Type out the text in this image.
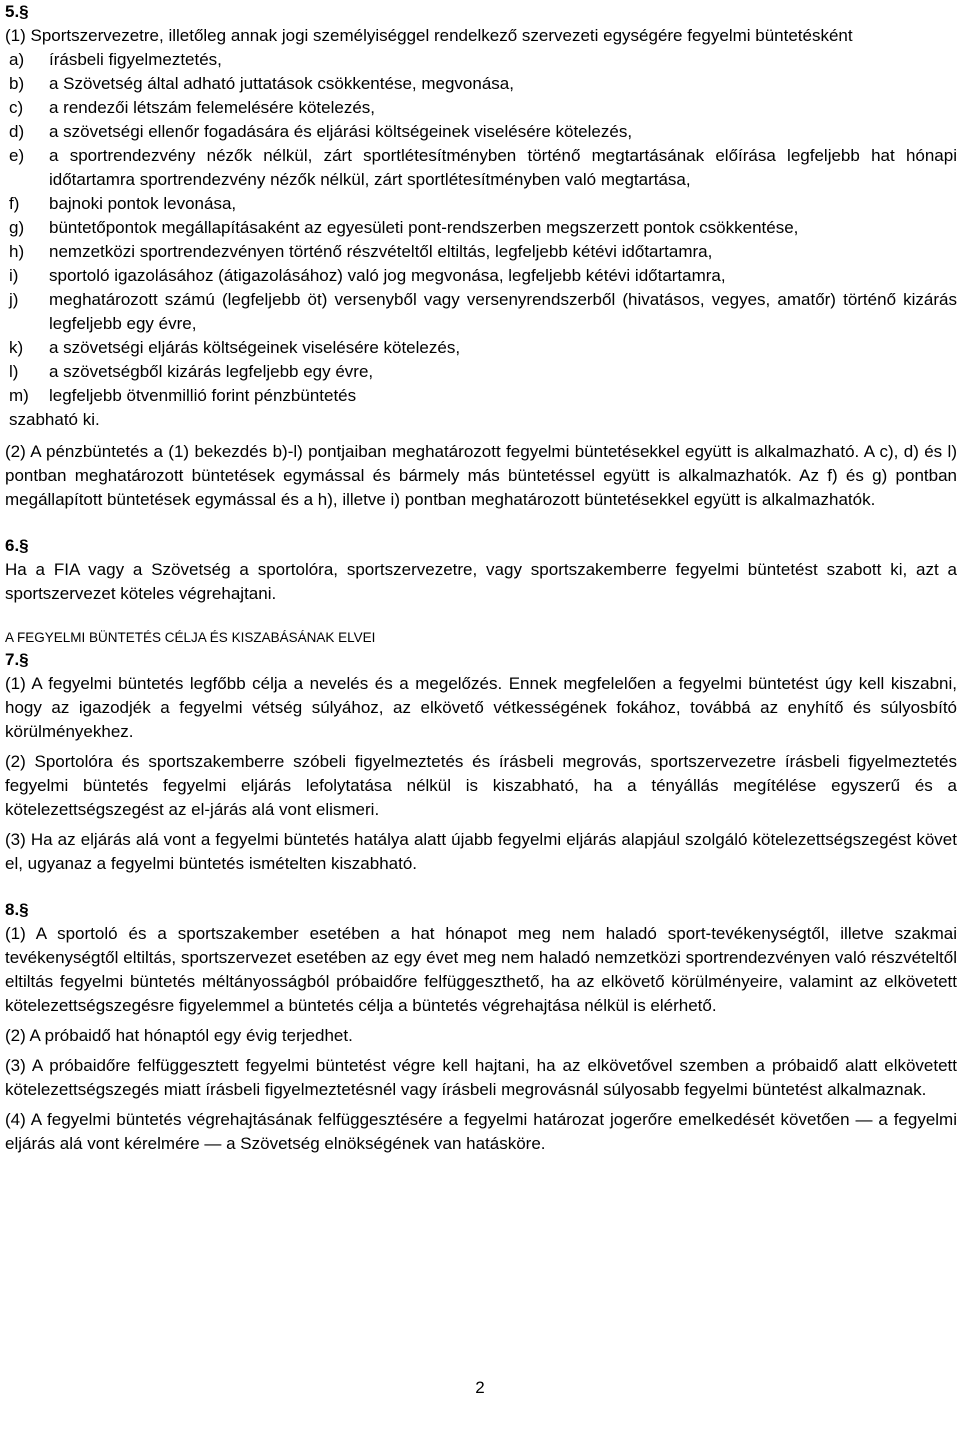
5.§

(1) Sportszervezetre, illetőleg annak jogi személyiséggel rendelkező szervezeti egységére fegyelmi büntetésként

a) írásbeli figyelmeztetés,
b) a Szövetség által adható juttatások csökkentése, megvonása,
c) a rendezői létszám felemelésére kötelezés,
d) a szövetségi ellenőr fogadására és eljárási költségeinek viselésére kötelezés,
e) a sportrendezvény nézők nélkül, zárt sportlétesítményben történő megtartásának előírása legfeljebb hat hónapi időtartamra sportrendezvény nézők nélkül, zárt sportlétesítményben való megtartása,
f) bajnoki pontok levonása,
g) büntetőpontok megállapításaként az egyesületi pont-rendszerben megszerzett pontok csökkentése,
h) nemzetközi sportrendezvényen történő részvételtől eltiltás, legfeljebb kétévi időtartamra,
i) sportoló igazolásához (átigazolásához) való jog megvonása, legfeljebb kétévi időtartamra,
j) meghatározott számú (legfeljebb öt) versenyből vagy versenyrendszerből (hivatásos, vegyes, amatőr) történő kizárás legfeljebb egy évre,
k) a szövetségi eljárás költségeinek viselésére kötelezés,
l) a szövetségből kizárás legfeljebb egy évre,
m) legfeljebb ötvenmillió forint pénzbüntetés
szabható ki.

(2) A pénzbüntetés a (1) bekezdés b)-l) pontjaiban meghatározott fegyelmi büntetésekkel együtt is alkalmazható. A c), d) és l) pontban meghatározott büntetések egymással és bármely más büntetéssel együtt is alkalmazhatók. Az f) és g) pontban megállapított büntetések egymással és a h), illetve i) pontban meghatározott büntetésekkel együtt is alkalmazhatók.

6.§

Ha a FIA vagy a Szövetség a sportolóra, sportszervezetre, vagy sportszakemberre fegyelmi büntetést szabott ki, azt a sportszervezet köteles végrehajtani.

A FEGYELMI BÜNTETÉS CÉLJA ÉS KISZABÁSÁNAK ELVEI
7.§

(1) A fegyelmi büntetés legfőbb célja a nevelés és a megelőzés. Ennek megfelelően a fegyelmi büntetést úgy kell kiszabni, hogy az igazodjék a fegyelmi vétség súlyához, az elkövető vétkességének fokához, továbbá az enyhítő és súlyosbító körülményekhez.

(2) Sportolóra és sportszakemberre szóbeli figyelmeztetés és írásbeli megrovás, sportszervezetre írásbeli figyelmeztetés fegyelmi büntetés fegyelmi eljárás lefolytatása nélkül is kiszabható, ha a tényállás megítélése egyszerű és a kötelezettségszegést az el-járás alá vont elismeri.

(3) Ha az eljárás alá vont a fegyelmi büntetés hatálya alatt újabb fegyelmi eljárás alapjául szolgáló kötelezettségszegést követ el, ugyanaz a fegyelmi büntetés ismételten kiszabható.

8.§

(1) A sportoló és a sportszakember esetében a hat hónapot meg nem haladó sport-tevékenységtől, illetve szakmai tevékenységtől eltiltás, sportszervezet esetében az egy évet meg nem haladó nemzetközi sportrendezvényen való részvételtől eltiltás fegyelmi büntetés méltányosságból próbaidőre felfüggeszthető, ha az elkövető körülményeire, valamint az elkövetett kötelezettségszegésre figyelemmel a büntetés célja a büntetés végrehajtása nélkül is elérhető.

(2) A próbaidő hat hónaptól egy évig terjedhet.

(3) A próbaidőre felfüggesztett fegyelmi büntetést végre kell hajtani, ha az elkövetővel szemben a próbaidő alatt elkövetett kötelezettségszegés miatt írásbeli figyelmeztetésnél vagy írásbeli megrovásnál súlyosabb fegyelmi büntetést alkalmaznak.

(4) A fegyelmi büntetés végrehajtásának felfüggesztésére a fegyelmi határozat jogerőre emelkedését követően — a fegyelmi eljárás alá vont kérelmére — a Szövetség elnökségének van hatásköre.

2
